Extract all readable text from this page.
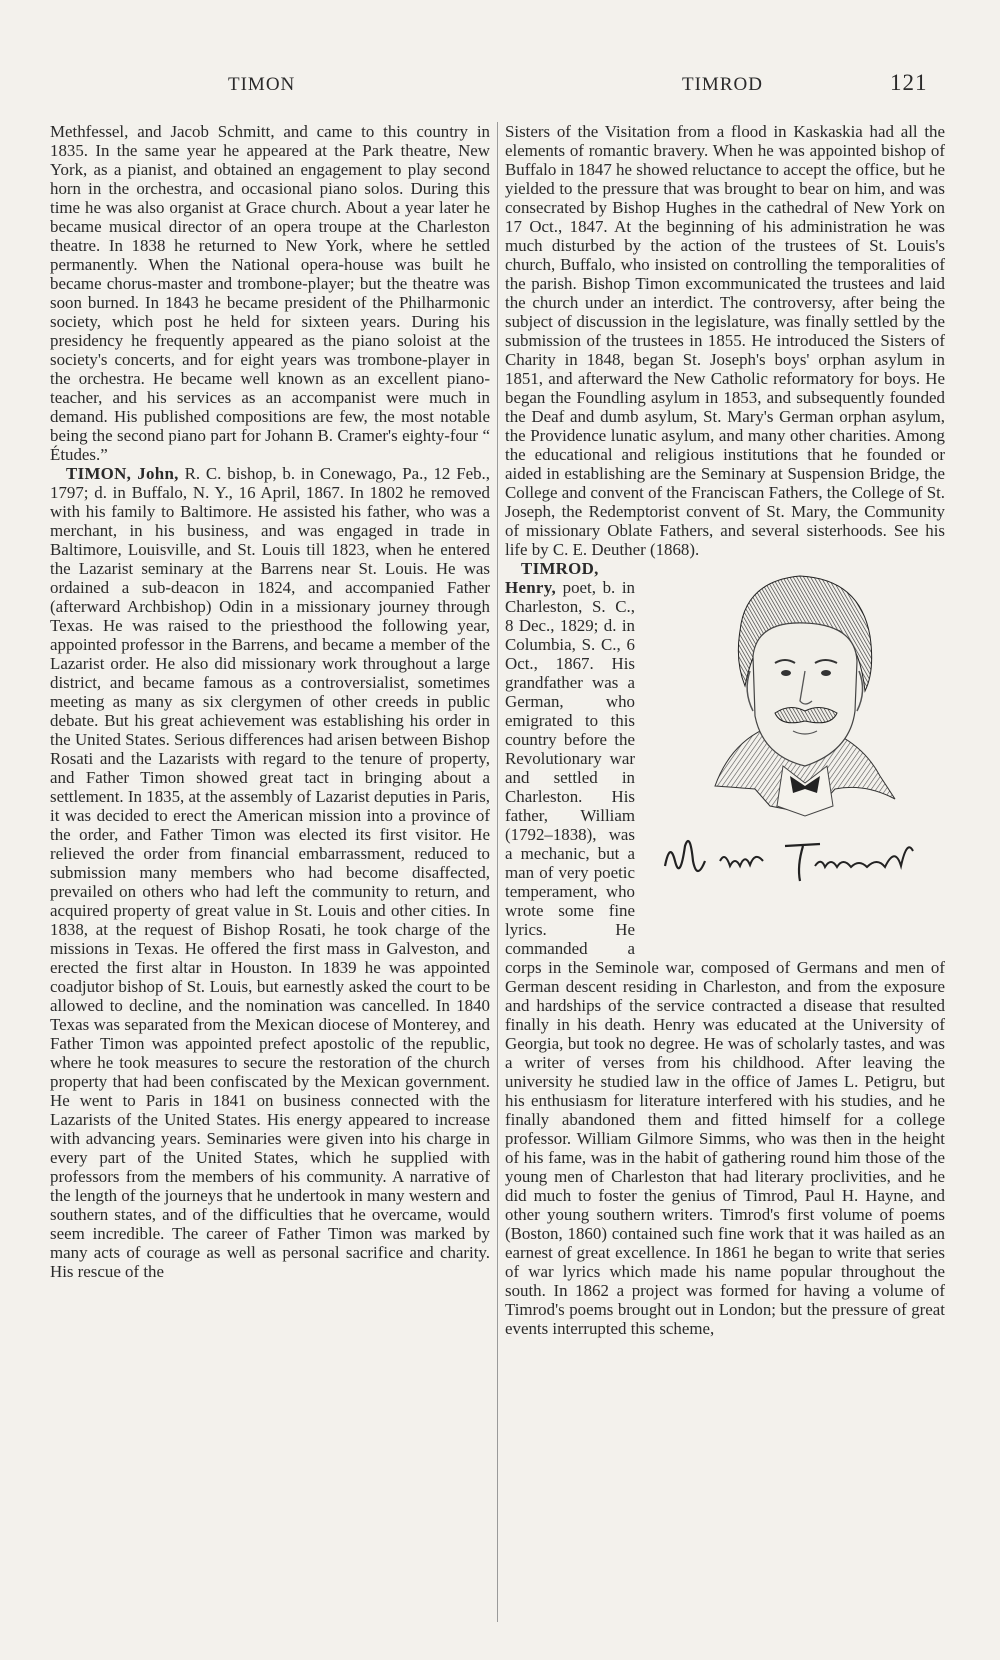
TIMON	TIMROD	121

Methfessel, and Jacob Schmitt, and came to this country in 1835. In the same year he appeared at the Park theatre, New York, as a pianist, and obtained an engagement to play second horn in the orchestra, and occasional piano solos. During this time he was also organist at Grace church. About a year later he became musical director of an opera troupe at the Charleston theatre. In 1838 he returned to New York, where he settled permanently. When the National opera-house was built he became chorus-master and trombone-player; but the theatre was soon burned. In 1843 he became president of the Philharmonic society, which post he held for sixteen years. During his presidency he frequently appeared as the piano soloist at the society's concerts, and for eight years was trombone-player in the orchestra. He became well known as an excellent piano-teacher, and his services as an accompanist were much in demand. His published compositions are few, the most notable being the second piano part for Johann B. Cramer's eighty-four “ Études.”

TIMON, John, R. C. bishop, b. in Conewago, Pa., 12 Feb., 1797; d. in Buffalo, N. Y., 16 April, 1867. In 1802 he removed with his family to Baltimore. He assisted his father, who was a merchant, in his business, and was engaged in trade in Baltimore, Louisville, and St. Louis till 1823, when he entered the Lazarist seminary at the Barrens near St. Louis. He was ordained a sub-deacon in 1824, and accompanied Father (afterward Archbishop) Odin in a missionary journey through Texas. He was raised to the priesthood the following year, appointed professor in the Barrens, and became a member of the Lazarist order. He also did missionary work throughout a large district, and became famous as a controversialist, sometimes meeting as many as six clergymen of other creeds in public debate. But his great achievement was establishing his order in the United States. Serious differences had arisen between Bishop Rosati and the Lazarists with regard to the tenure of property, and Father Timon showed great tact in bringing about a settlement. In 1835, at the assembly of Lazarist deputies in Paris, it was decided to erect the American mission into a province of the order, and Father Timon was elected its first visitor. He relieved the order from financial embarrassment, reduced to submission many members who had become disaffected, prevailed on others who had left the community to return, and acquired property of great value in St. Louis and other cities. In 1838, at the request of Bishop Rosati, he took charge of the missions in Texas. He offered the first mass in Galveston, and erected the first altar in Houston. In 1839 he was appointed coadjutor bishop of St. Louis, but earnestly asked the court to be allowed to decline, and the nomination was cancelled. In 1840 Texas was separated from the Mexican diocese of Monterey, and Father Timon was appointed prefect apostolic of the republic, where he took measures to secure the restoration of the church property that had been confiscated by the Mexican government. He went to Paris in 1841 on business connected with the Lazarists of the United States. His energy appeared to increase with advancing years. Seminaries were given into his charge in every part of the United States, which he supplied with professors from the members of his community. A narrative of the length of the journeys that he undertook in many western and southern states, and of the difficulties that he overcame, would seem incredible. The career of Father Timon was marked by many acts of courage as well as personal sacrifice and charity. His rescue of the

Sisters of the Visitation from a flood in Kaskaskia had all the elements of romantic bravery. When he was appointed bishop of Buffalo in 1847 he showed reluctance to accept the office, but he yielded to the pressure that was brought to bear on him, and was consecrated by Bishop Hughes in the cathedral of New York on 17 Oct., 1847. At the beginning of his administration he was much disturbed by the action of the trustees of St. Louis's church, Buffalo, who insisted on controlling the temporalities of the parish. Bishop Timon excommunicated the trustees and laid the church under an interdict. The controversy, after being the subject of discussion in the legislature, was finally settled by the submission of the trustees in 1855. He introduced the Sisters of Charity in 1848, began St. Joseph's boys' orphan asylum in 1851, and afterward the New Catholic reformatory for boys. He began the Foundling asylum in 1853, and subsequently founded the Deaf and dumb asylum, St. Mary's German orphan asylum, the Providence lunatic asylum, and many other charities. Among the educational and religious institutions that he founded or aided in establishing are the Seminary at Suspension Bridge, the College and convent of the Franciscan Fathers, the College of St. Joseph, the Redemptorist convent of St. Mary, the Community of missionary Oblate Fathers, and several sisterhoods. See his life by C. E. Deuther (1868).

Henry Timrod
TIMROD, Henry, poet, b. in Charleston, S. C., 8 Dec., 1829; d. in Columbia, S. C., 6 Oct., 1867. His grandfather was a German, who emigrated to this country before the Revolutionary war and settled in Charleston. His father, William (1792–1838), was a mechanic, but a man of very poetic temperament, who wrote some fine lyrics. He commanded a corps in the Seminole war, composed of Germans and men of German descent residing in Charleston, and from the exposure and hardships of the service contracted a disease that resulted finally in his death. Henry was educated at the University of Georgia, but took no degree. He was of scholarly tastes, and was a writer of verses from his childhood. After leaving the university he studied law in the office of James L. Petigru, but his enthusiasm for literature interfered with his studies, and he finally abandoned them and fitted himself for a college professor. William Gilmore Simms, who was then in the height of his fame, was in the habit of gathering round him those of the young men of Charleston that had literary proclivities, and he did much to foster the genius of Timrod, Paul H. Hayne, and other young southern writers. Timrod's first volume of poems (Boston, 1860) contained such fine work that it was hailed as an earnest of great excellence. In 1861 he began to write that series of war lyrics which made his name popular throughout the south. In 1862 a project was formed for having a volume of Timrod's poems brought out in London; but the pressure of great events interrupted this scheme,
